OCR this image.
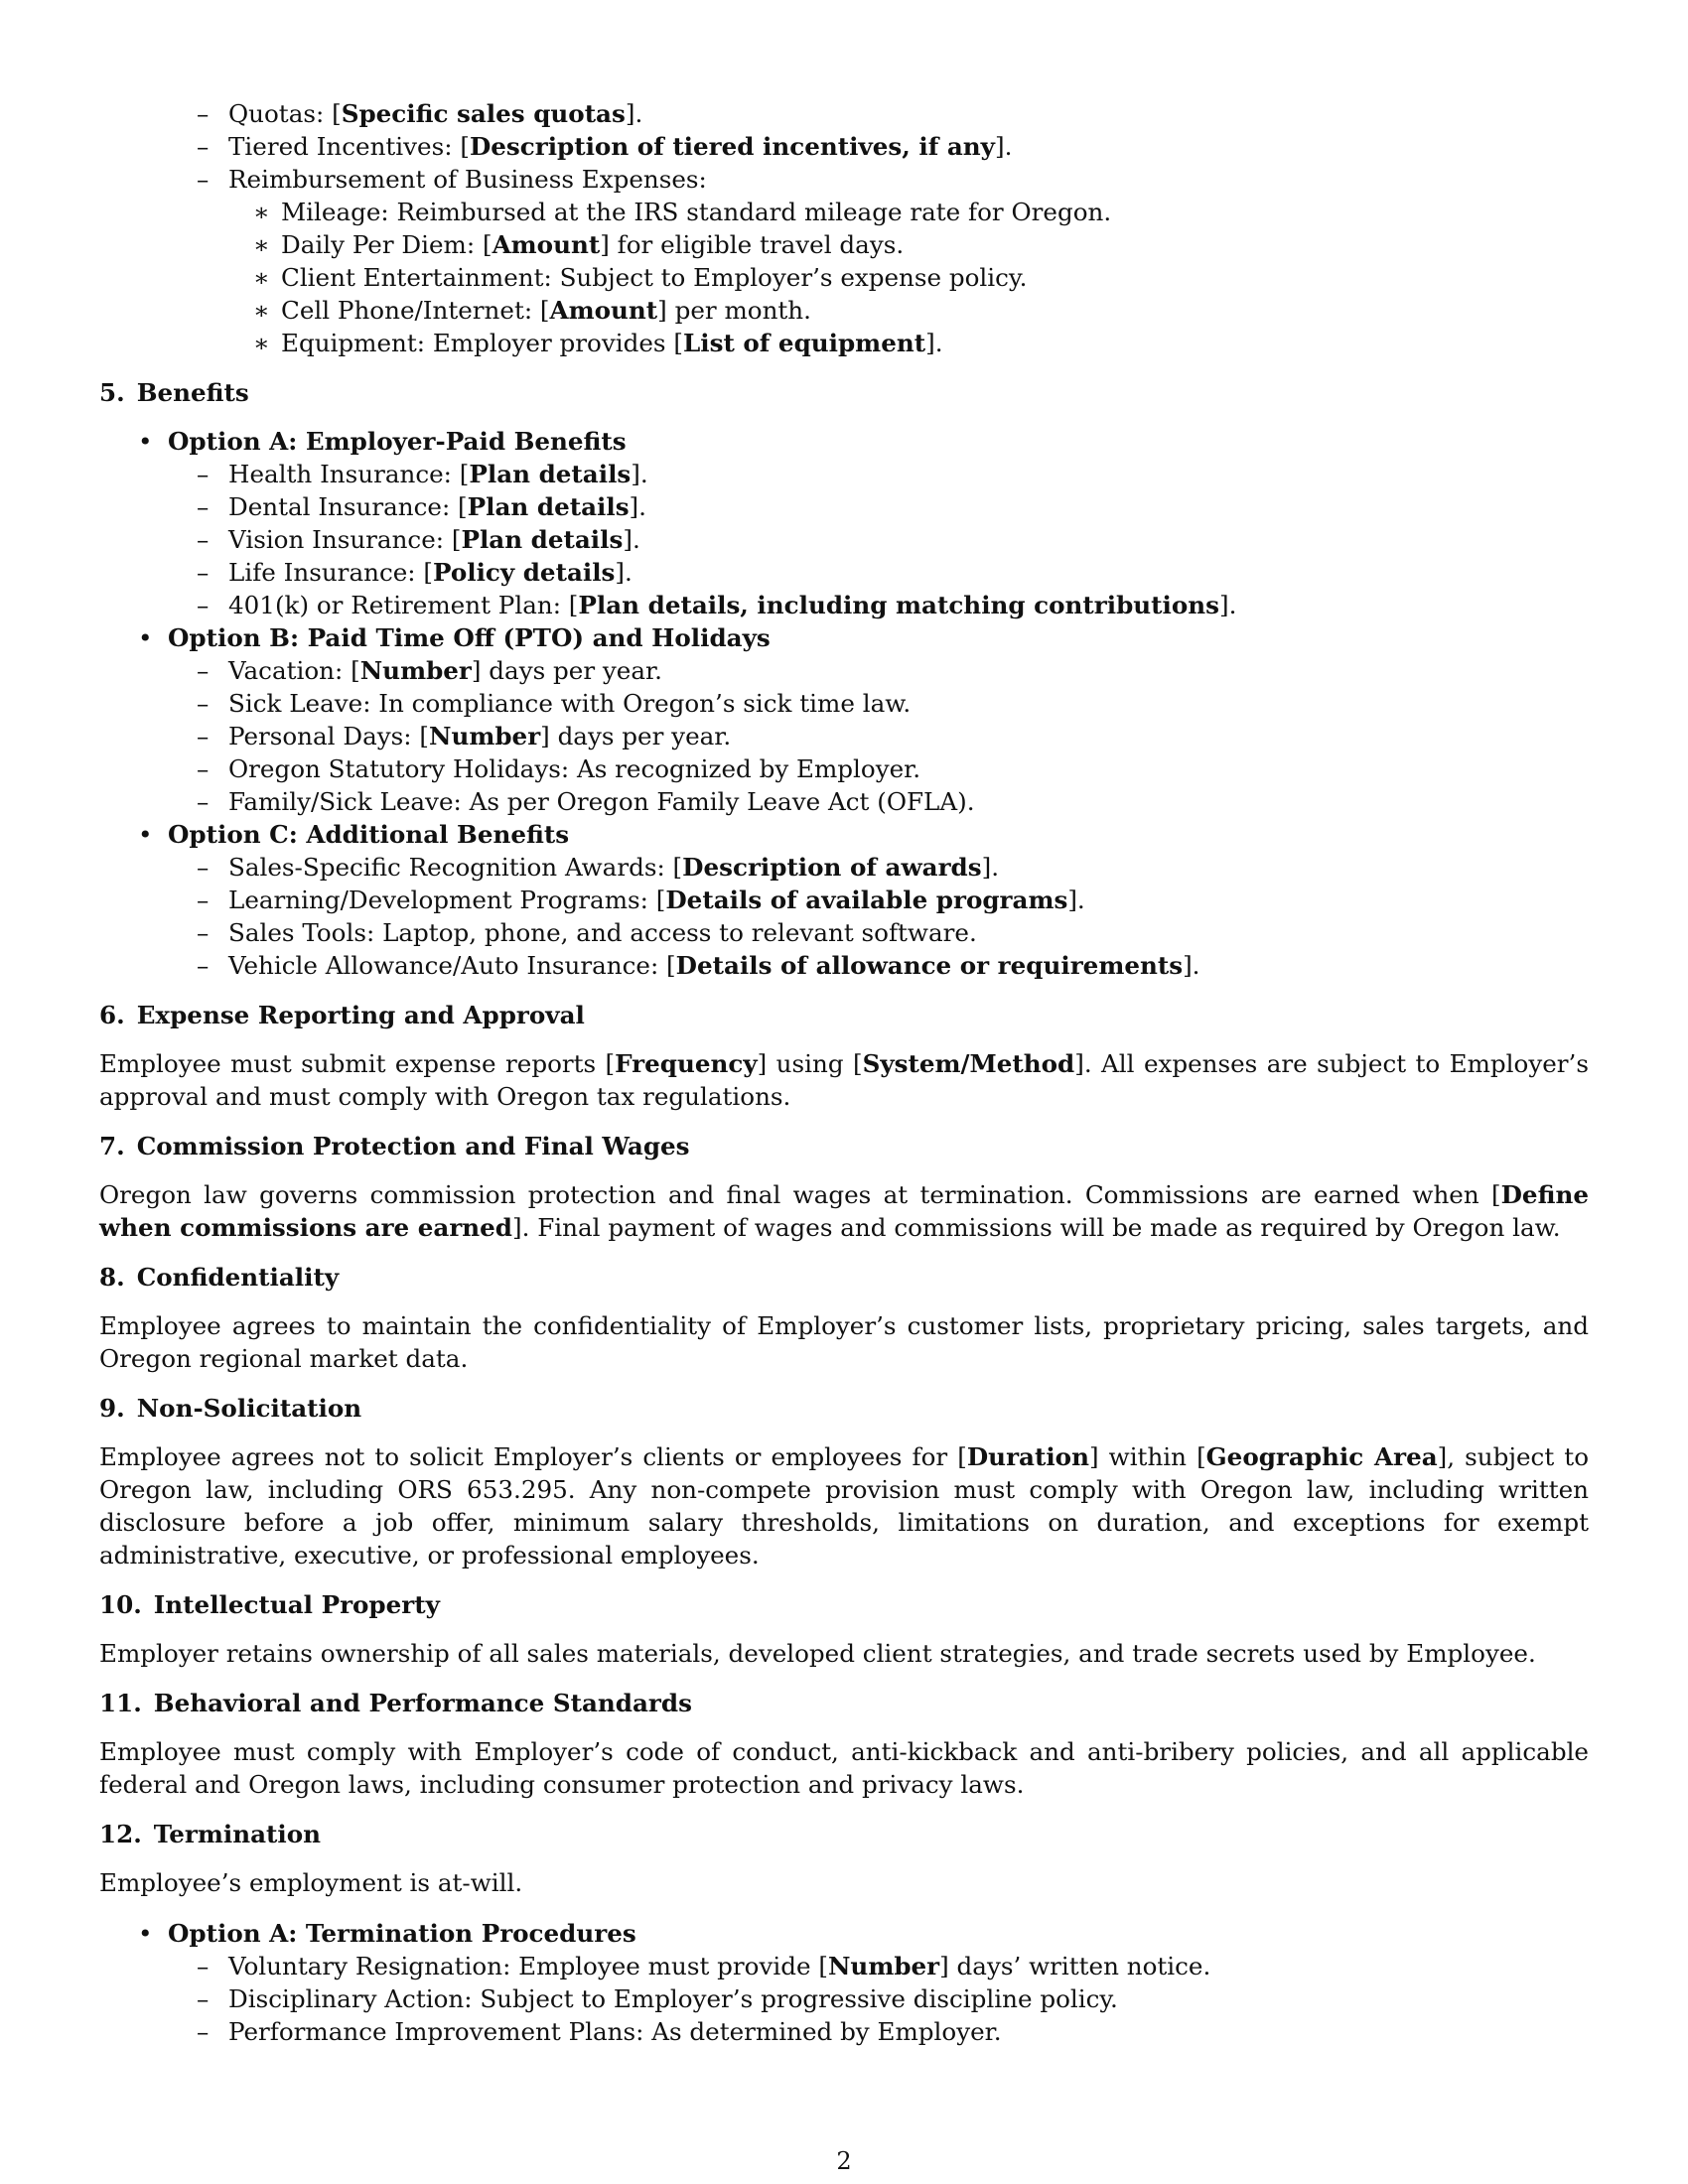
– Quotas: [Specific sales quotas].
– Tiered Incentives: [Description of tiered incentives, if any].
– Reimbursement of Business Expenses:
∗ Mileage: Reimbursed at the IRS standard mileage rate for Oregon.
∗ Daily Per Diem: [Amount] for eligible travel days.
∗ Client Entertainment: Subject to Employer’s expense policy.
∗ Cell Phone/Internet: [Amount] per month.
∗ Equipment: Employer provides [List of equipment].
5. Benefits
• Option A: Employer-Paid Benefits
– Health Insurance: [Plan details].
– Dental Insurance: [Plan details].
– Vision Insurance: [Plan details].
– Life Insurance: [Policy details].
– 401(k) or Retirement Plan: [Plan details, including matching contributions].
• Option B: Paid Time Off (PTO) and Holidays
– Vacation: [Number] days per year.
– Sick Leave: In compliance with Oregon’s sick time law.
– Personal Days: [Number] days per year.
– Oregon Statutory Holidays: As recognized by Employer.
– Family/Sick Leave: As per Oregon Family Leave Act (OFLA).
• Option C: Additional Benefits
– Sales-Specific Recognition Awards: [Description of awards].
– Learning/Development Programs: [Details of available programs].
– Sales Tools: Laptop, phone, and access to relevant software.
– Vehicle Allowance/Auto Insurance: [Details of allowance or requirements].
6. Expense Reporting and Approval
Employee must submit expense reports [Frequency] using [System/Method]. All expenses are subject to Employer’s approval and must comply with Oregon tax regulations.
7. Commission Protection and Final Wages
Oregon law governs commission protection and final wages at termination. Commissions are earned when [Define when commissions are earned]. Final payment of wages and commissions will be made as required by Oregon law.
8. Confidentiality
Employee agrees to maintain the confidentiality of Employer’s customer lists, proprietary pricing, sales targets, and Oregon regional market data.
9. Non-Solicitation
Employee agrees not to solicit Employer’s clients or employees for [Duration] within [Geographic Area], subject to Oregon law, including ORS 653.295. Any non-compete provision must comply with Oregon law, including written disclosure before a job offer, minimum salary thresholds, limitations on duration, and exceptions for exempt administrative, executive, or professional employees.
10. Intellectual Property
Employer retains ownership of all sales materials, developed client strategies, and trade secrets used by Employee.
11. Behavioral and Performance Standards
Employee must comply with Employer’s code of conduct, anti-kickback and anti-bribery policies, and all applicable federal and Oregon laws, including consumer protection and privacy laws.
12. Termination
Employee’s employment is at-will.
• Option A: Termination Procedures
– Voluntary Resignation: Employee must provide [Number] days’ written notice.
– Disciplinary Action: Subject to Employer’s progressive discipline policy.
– Performance Improvement Plans: As determined by Employer.
2
